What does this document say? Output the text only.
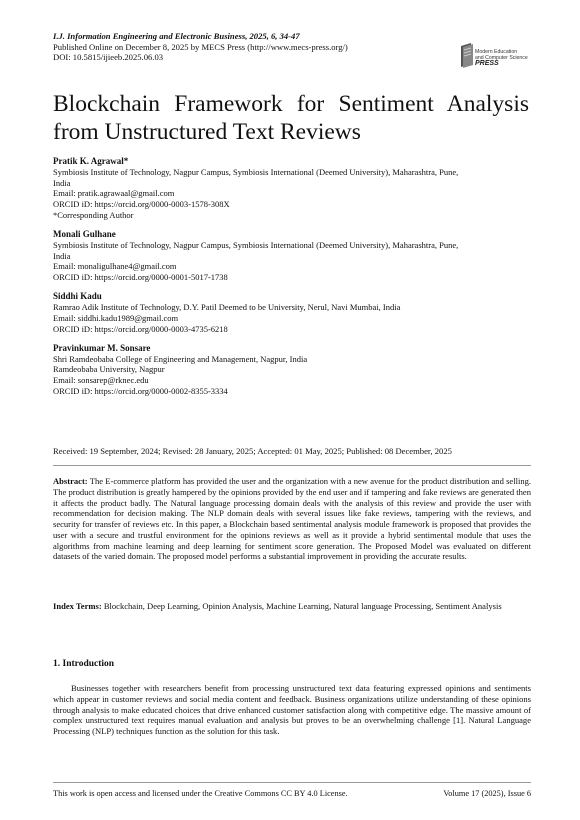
I.J. Information Engineering and Electronic Business, 2025, 6, 34-47
Published Online on December 8, 2025 by MECS Press (http://www.mecs-press.org/)
DOI: 10.5815/ijieeb.2025.06.03
Modern Education
and Computer Science
PRESS
Blockchain Framework for Sentiment Analysis
from Unstructured Text Reviews
Pratik K. Agrawal*
Symbiosis Institute of Technology, Nagpur Campus, Symbiosis International (Deemed University), Maharashtra, Pune,
India
Email: pratik.agrawaal@gmail.com
ORCID iD: https://orcid.org/0000-0003-1578-308X
*Corresponding Author
Monali Gulhane
Symbiosis Institute of Technology, Nagpur Campus, Symbiosis International (Deemed University), Maharashtra, Pune,
India
Email: monaligulhane4@gmail.com
ORCID iD: https://orcid.org/0000-0001-5017-1738
Siddhi Kadu
Ramrao Adik Institute of Technology, D.Y. Patil Deemed to be University, Nerul, Navi Mumbai, India
Email: siddhi.kadu1989@gmail.com
ORCID iD: https://orcid.org/0000-0003-4735-6218
Pravinkumar M. Sonsare
Shri Ramdeobaba College of Engineering and Management, Nagpur, India
Ramdeobaba University, Nagpur
Email: sonsarep@rknec.edu
ORCID iD: https://orcid.org/0000-0002-8355-3334
Received: 19 September, 2024; Revised: 28 January, 2025; Accepted: 01 May, 2025; Published: 08 December, 2025
Abstract: The E-commerce platform has provided the user and the organization with a new avenue for the product distribution and selling. The product distribution is greatly hampered by the opinions provided by the end user and if tampering and fake reviews are generated then it affects the product badly. The Natural language processing domain deals with the analysis of this review and provide the user with recommendation for decision making. The NLP domain deals with several issues like fake reviews, tampering with the reviews, and security for transfer of reviews etc. In this paper, a Blockchain based sentimental analysis module framework is proposed that provides the user with a secure and trustful environment for the opinions reviews as well as it provide a hybrid sentimental module that uses the algorithms from machine learning and deep learning for sentiment score generation. The Proposed Model was evaluated on different datasets of the varied domain. The proposed model performs a substantial improvement in providing the accurate results.
Index Terms: Blockchain, Deep Learning, Opinion Analysis, Machine Learning, Natural language Processing, Sentiment Analysis
1. Introduction
Businesses together with researchers benefit from processing unstructured text data featuring expressed opinions and sentiments which appear in customer reviews and social media content and feedback. Business organizations utilize understanding of these opinions through analysis to make educated choices that drive enhanced customer satisfaction along with competitive edge. The massive amount of complex unstructured text requires manual evaluation and analysis but proves to be an overwhelming challenge [1]. Natural Language Processing (NLP) techniques function as the solution for this task.
This work is open access and licensed under the Creative Commons CC BY 4.0 License.	Volume 17 (2025), Issue 6
